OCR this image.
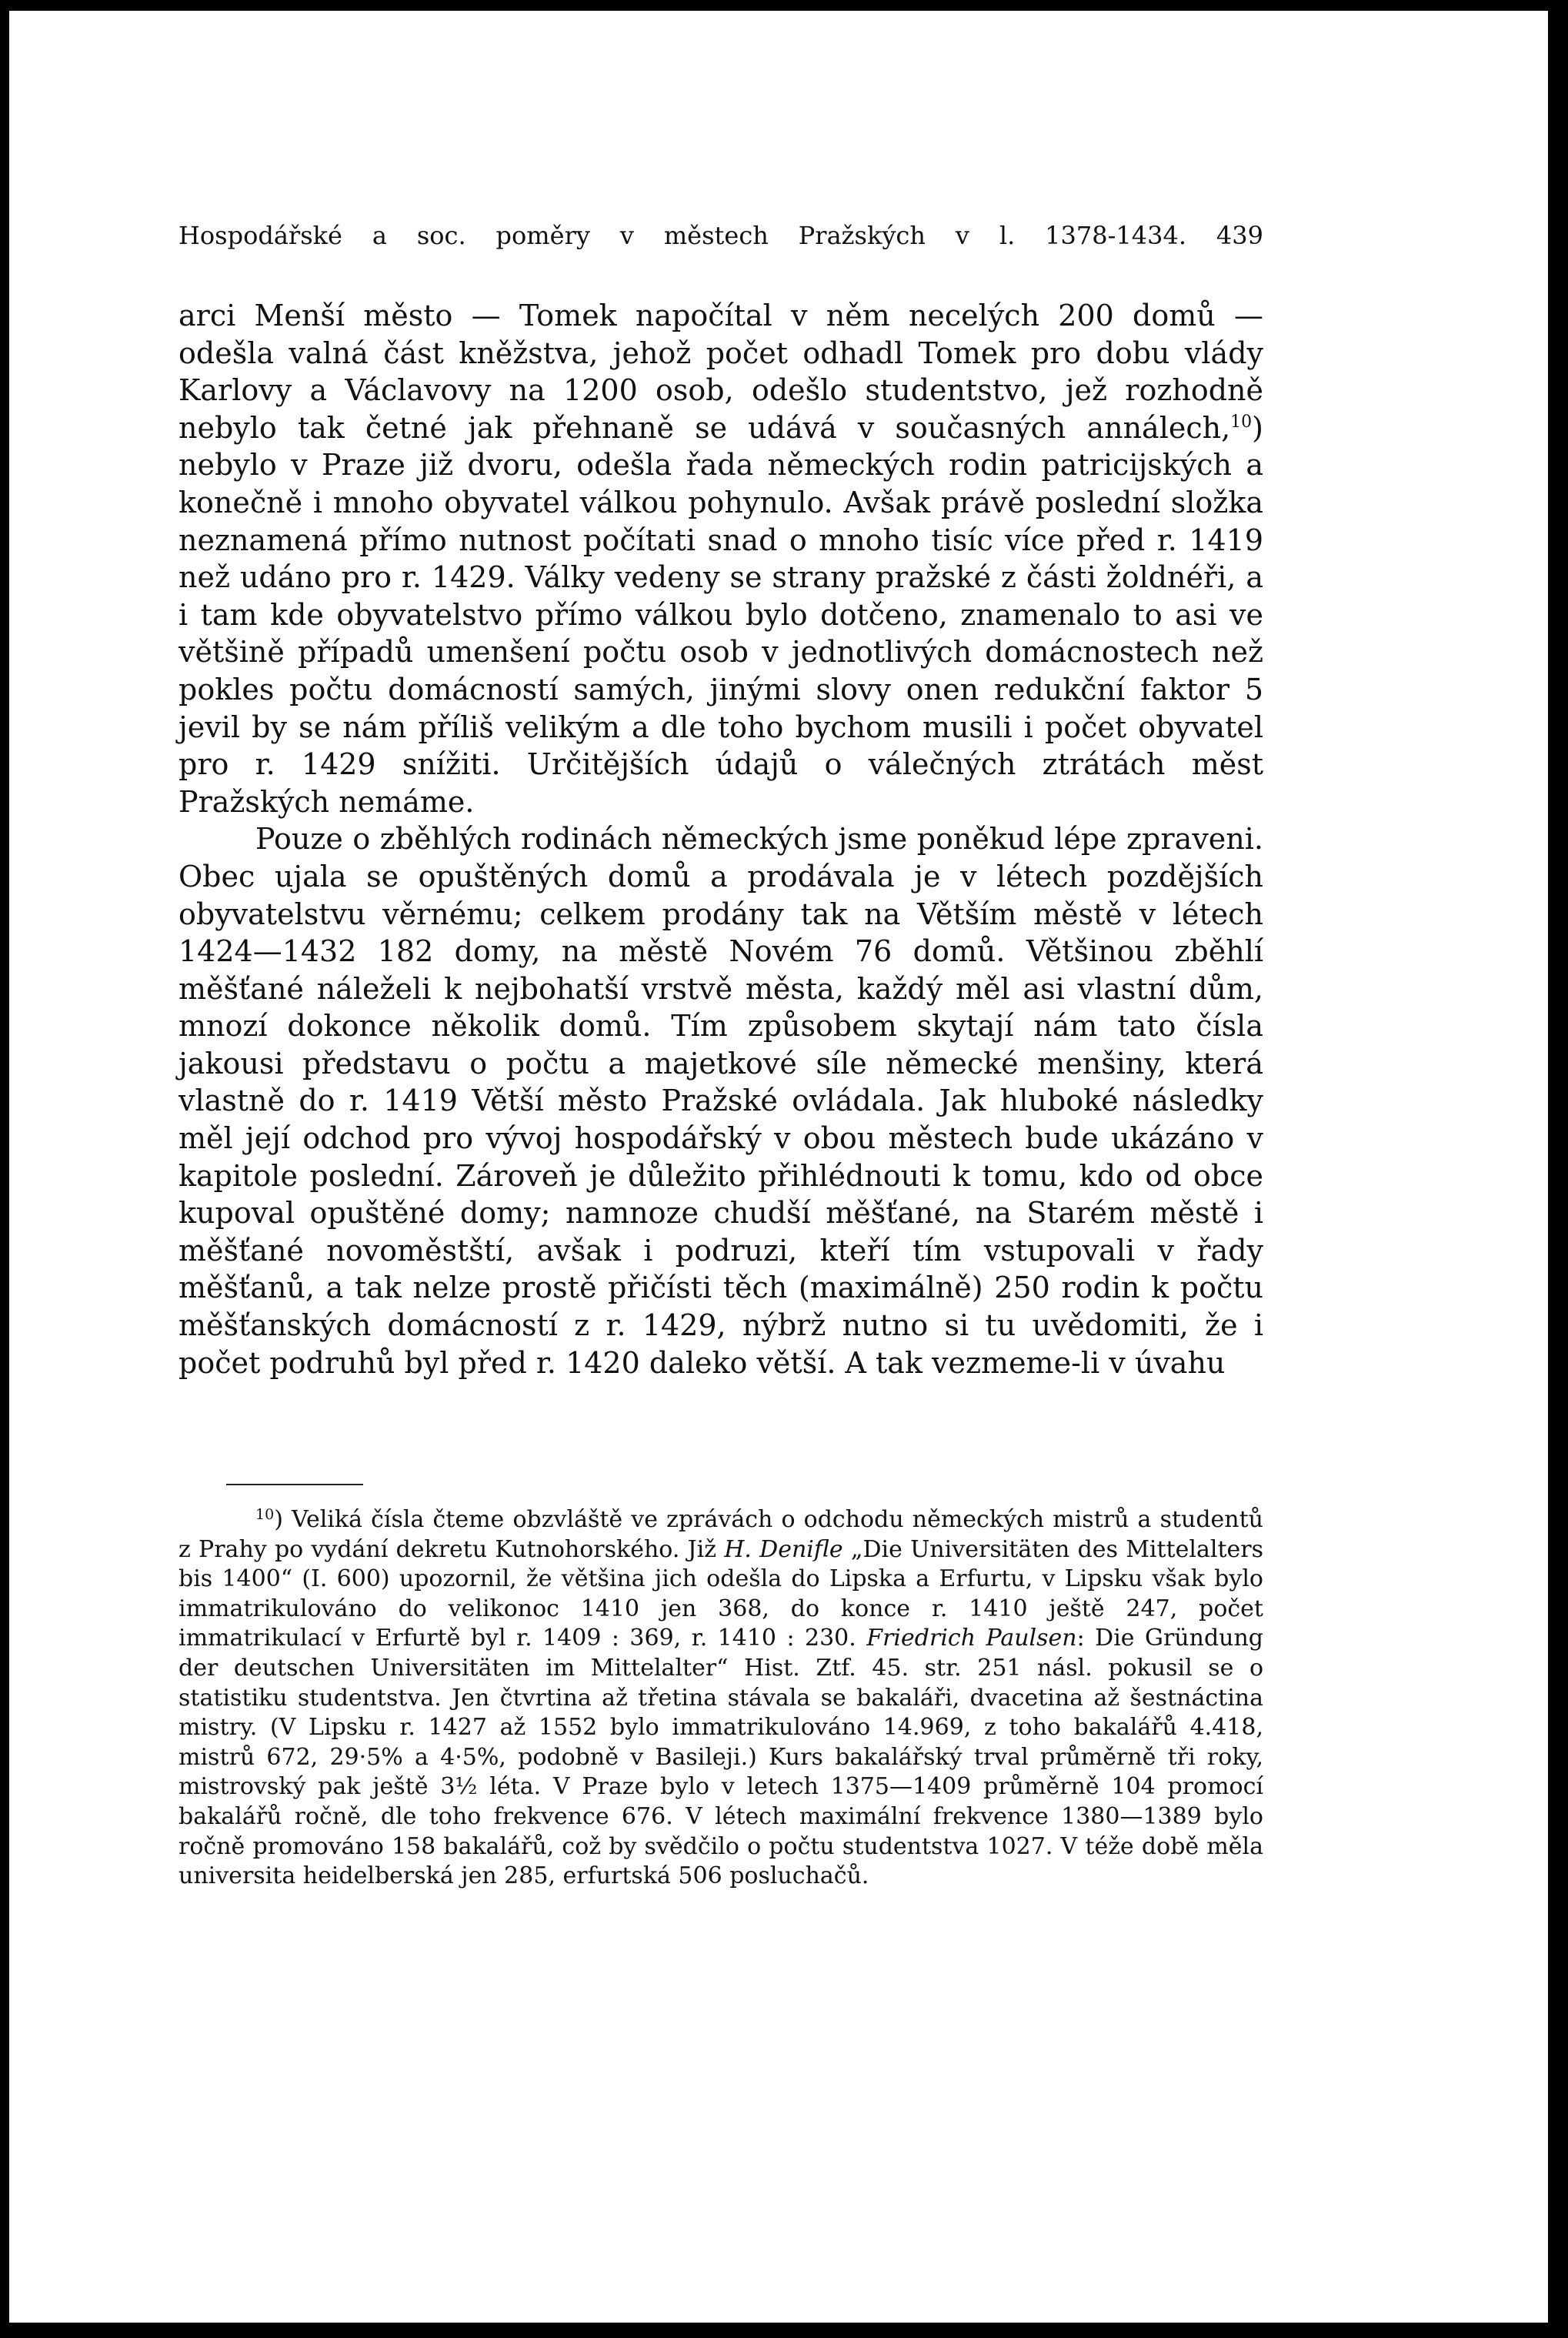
Hospodářské a soc. poměry v městech Pražských v l. 1378-1434. 439

arci Menší město — Tomek napočítal v něm necelých 200 domů — odešla valná část kněžstva, jehož počet odhadl Tomek pro dobu vlády Karlovy a Václavovy na 1200 osob, odešlo studentstvo, jež rozhodně nebylo tak četné jak přehnaně se udává v současných annálech,$^{10}$) nebylo v Praze již dvoru, odešla řada německých rodin patricijských a konečně i mnoho obyvatel válkou pohynulo. Avšak právě poslední složka neznamená přímo nutnost počítati snad o mnoho tisíc více před r. 1419 než udáno pro r. 1429. Války vedeny se strany pražské z části žoldnéři, a i tam kde obyvatelstvo přímo válkou bylo dotčeno, znamenalo to asi ve většině případů umenšení počtu osob v jednotlivých domácnostech než pokles počtu domácností samých, jinými slovy onen redukční faktor 5 jevil by se nám příliš velikým a dle toho bychom musili i počet obyvatel pro r. 1429 snížiti. Určitějších údajů o válečných ztrátách měst Pražských nemáme.

Pouze o zběhlých rodinách německých jsme poněkud lépe zpraveni. Obec ujala se opuštěných domů a prodávala je v létech pozdějších obyvatelstvu věrnému; celkem prodány tak na Větším městě v létech 1424—1432 182 domy, na městě Novém 76 domů. Většinou zběhlí měšťané náleželi k nejbohatší vrstvě města, každý měl asi vlastní dům, mnozí dokonce několik domů. Tím způsobem skytají nám tato čísla jakousi představu o počtu a majetkové síle německé menšiny, která vlastně do r. 1419 Větší město Pražské ovládala. Jak hluboké následky měl její odchod pro vývoj hospodářský v obou městech bude ukázáno v kapitole poslední. Zároveň je důležito přihlédnouti k tomu, kdo od obce kupoval opuštěné domy; namnoze chudší měšťané, na Starém městě i měšťané novoměstští, avšak i podruzi, kteří tím vstupovali v řady měšťanů, a tak nelze prostě přičísti těch (maximálně) 250 rodin k počtu měšťanských domácností z r. 1429, nýbrž nutno si tu uvědomiti, že i počet podruhů byl před r. 1420 daleko větší. A tak vezmeme-li v úvahu

$^{10}$) Veliká čísla čteme obzvláště ve zprávách o odchodu německých mistrů a studentů z Prahy po vydání dekretu Kutnohorského. Již H. Denifle „Die Universitäten des Mittelalters bis 1400“ (I. 600) upozornil, že většina jich odešla do Lipska a Erfurtu, v Lipsku však bylo immatrikulováno do velikonoc 1410 jen 368, do konce r. 1410 ještě 247, počet immatrikulací v Erfurtě byl r. 1409 : 369, r. 1410 : 230. Friedrich Paulsen: Die Gründung der deutschen Universitäten im Mittelalter“ Hist. Ztf. 45. str. 251 násl. pokusil se o statistiku studentstva. Jen čtvrtina až třetina stávala se bakaláři, dvacetina až šestnáctina mistry. (V Lipsku r. 1427 až 1552 bylo immatrikulováno 14.969, z toho bakalářů 4.418, mistrů 672, 29·5% a 4·5%, podobně v Basileji.) Kurs bakalářský trval průměrně tři roky, mistrovský pak ještě 3½ léta. V Praze bylo v letech 1375—1409 průměrně 104 promocí bakalářů ročně, dle toho frekvence 676. V létech maximální frekvence 1380—1389 bylo ročně promováno 158 bakalářů, což by svědčilo o počtu studentstva 1027. V téže době měla universita heidelberská jen 285, erfurtská 506 posluchačů.
